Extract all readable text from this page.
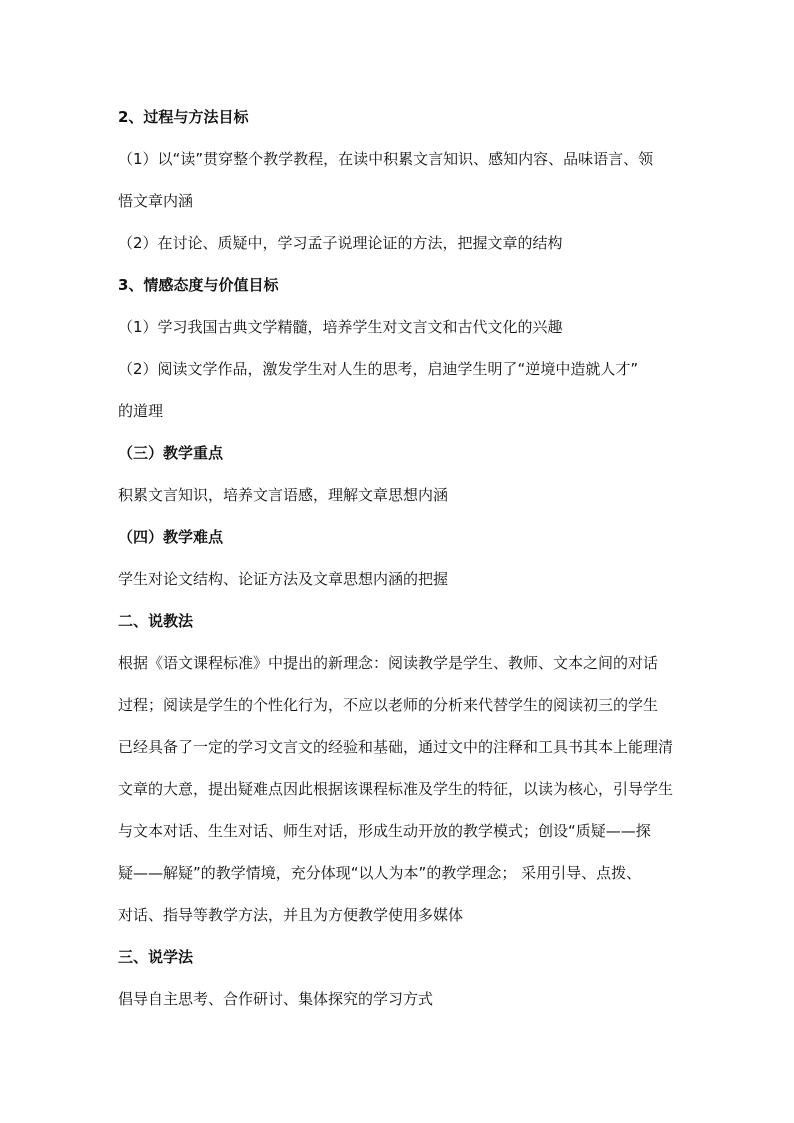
2、过程与方法目标
（1）以“读”贯穿整个教学教程，在读中积累文言知识、感知内容、品味语言、领
悟文章内涵
（2）在讨论、质疑中，学习孟子说理论证的方法，把握文章的结构
3、情感态度与价值目标
（1）学习我国古典文学精髓，培养学生对文言文和古代文化的兴趣
（2）阅读文学作品，激发学生对人生的思考，启迪学生明了“逆境中造就人才”
的道理
（三）教学重点
积累文言知识，培养文言语感，理解文章思想内涵
（四）教学难点
学生对论文结构、论证方法及文章思想内涵的把握
二、说教法
根据《语文课程标准》中提出的新理念：阅读教学是学生、教师、文本之间的对话
过程；阅读是学生的个性化行为，不应以老师的分析来代替学生的阅读初三的学生
已经具备了一定的学习文言文的经验和基础，通过文中的注释和工具书其本上能理清
文章的大意，提出疑难点因此根据该课程标准及学生的特征，以读为核心，引导学生
与文本对话、生生对话、师生对话，形成生动开放的教学模式；创设“质疑——探
疑——解疑”的教学情境，充分体现“以人为本”的教学理念； 采用引导、点拨、
对话、指导等教学方法，并且为方便教学使用多媒体
三、说学法
倡导自主思考、合作研讨、集体探究的学习方式
